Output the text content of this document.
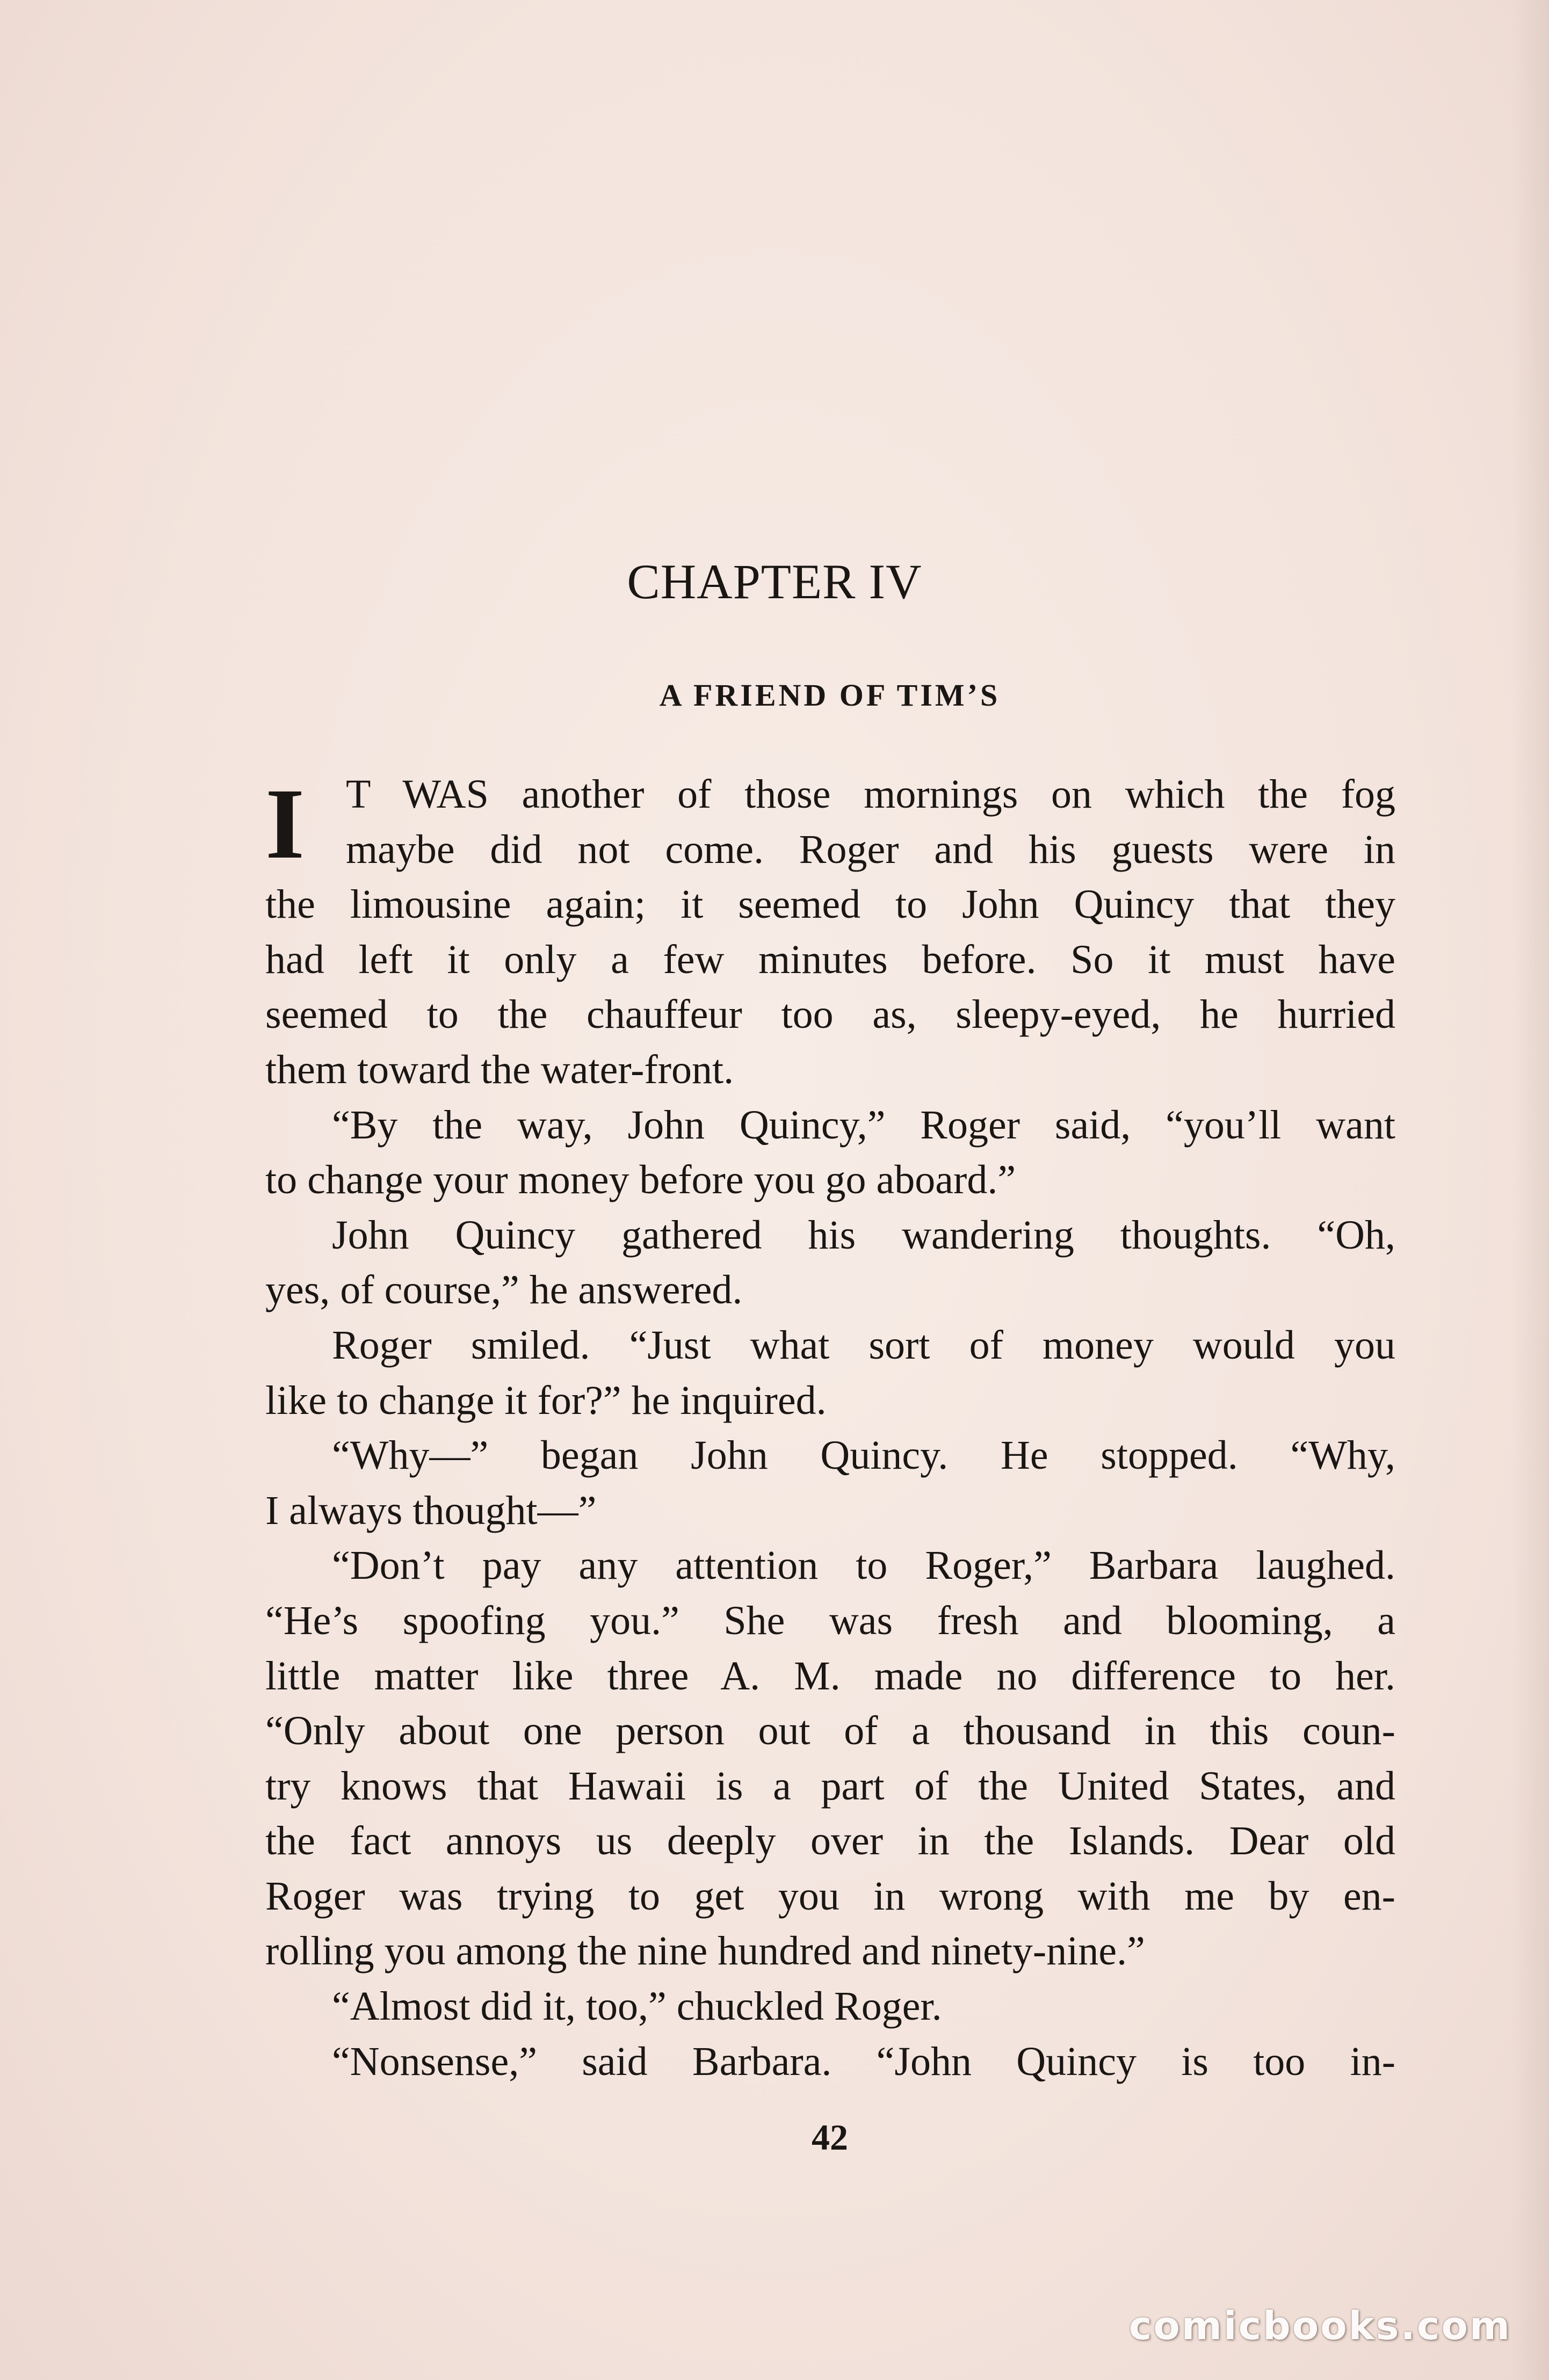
CHAPTER IV
A FRIEND OF TIM’S
I	T WAS another of those mornings on which the fog
maybe did not come. Roger and his guests were in
the limousine again; it seemed to John Quincy that they
had left it only a few minutes before. So it must have
seemed to the chauffeur too as, sleepy-eyed, he hurried
them toward the water-front.
“By the way, John Quincy,” Roger said, “you’ll want
to change your money before you go aboard.”
John Quincy gathered his wandering thoughts. “Oh,
yes, of course,” he answered.
Roger smiled. “Just what sort of money would you
like to change it for?” he inquired.
“Why—” began John Quincy. He stopped. “Why,
I always thought—”
“Don’t pay any attention to Roger,” Barbara laughed.
“He’s spoofing you.” She was fresh and blooming, a
little matter like three A. M. made no difference to her.
“Only about one person out of a thousand in this coun-
try knows that Hawaii is a part of the United States, and
the fact annoys us deeply over in the Islands. Dear old
Roger was trying to get you in wrong with me by en-
rolling you among the nine hundred and ninety-nine.”
“Almost did it, too,” chuckled Roger.
“Nonsense,” said Barbara. “John Quincy is too in-
42
comicbooks.com
